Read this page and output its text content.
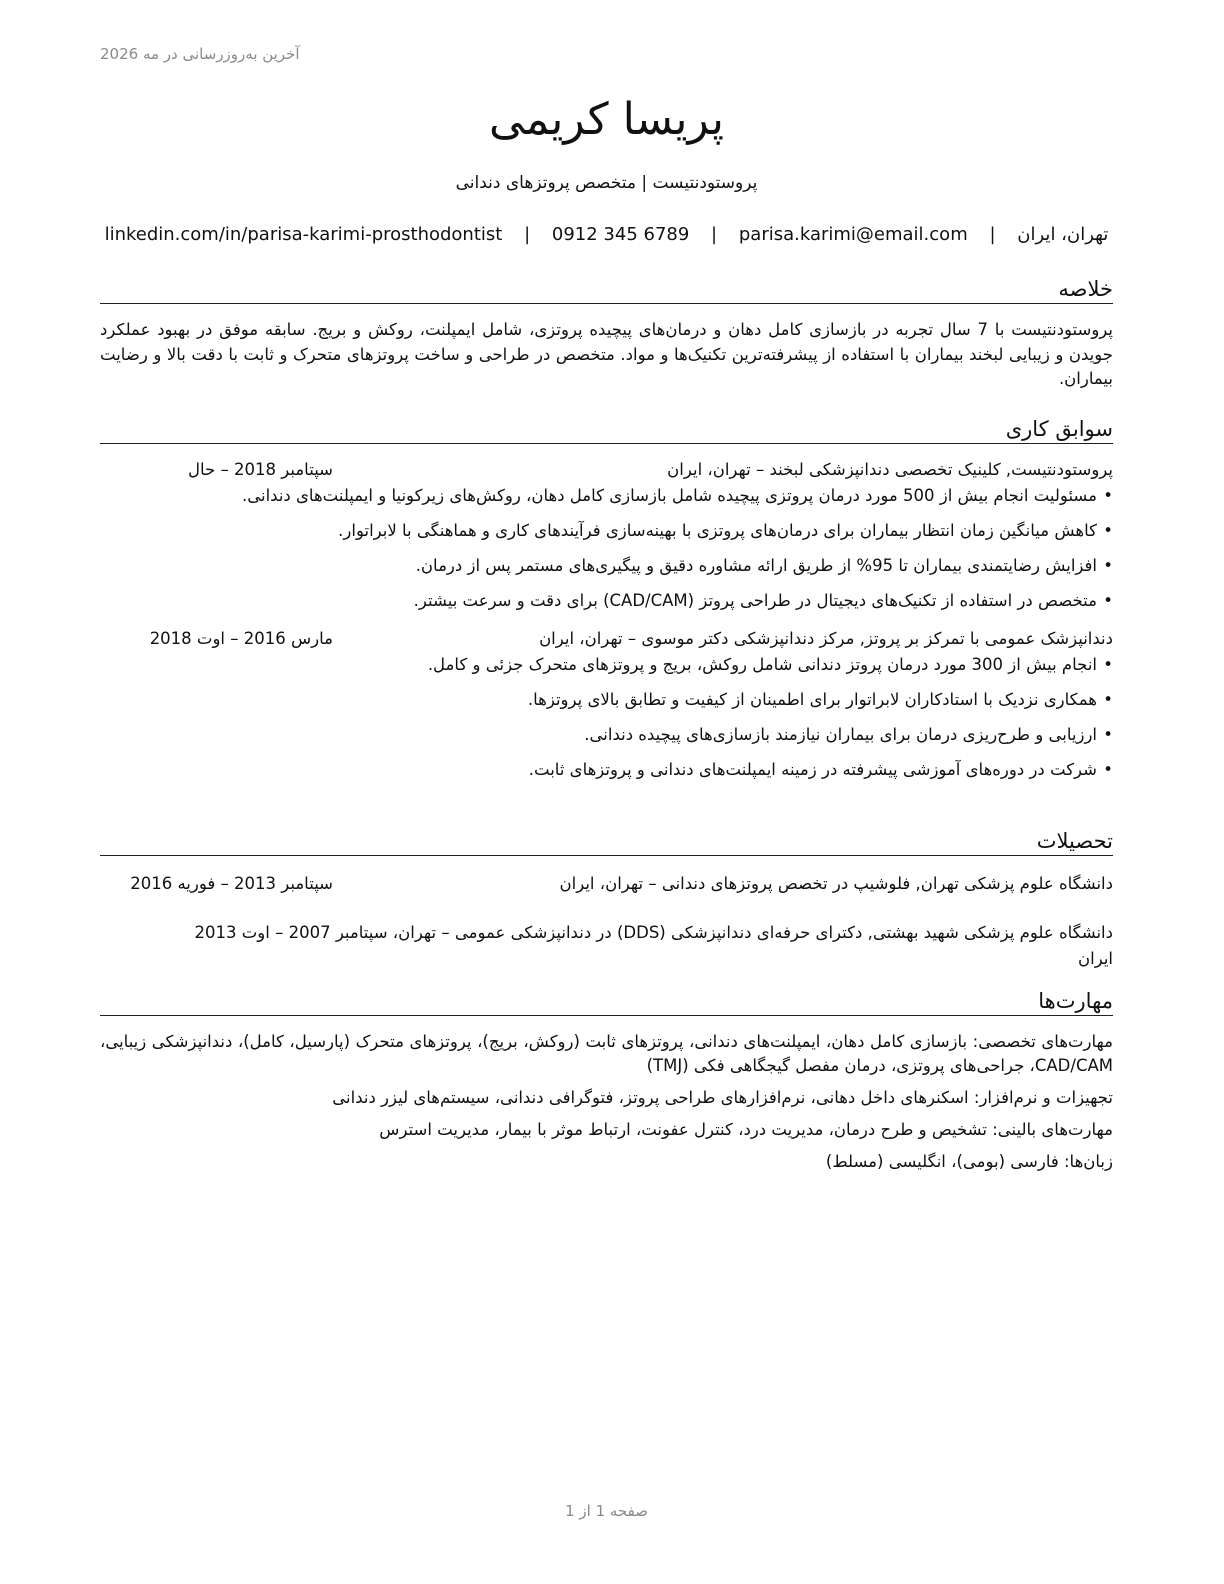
آخرین به‌روزرسانی در مه 2026
پریسا کریمی
پروستودنتیست | متخصص پروتزهای دندانی
تهران، ایران | parisa.karimi@email.com | 0912 345 6789 | linkedin.com/in/parisa-karimi-prosthodontist
خلاصه
پروستودنتیست با 7 سال تجربه در بازسازی کامل دهان و درمان‌های پیچیده پروتزی، شامل ایمپلنت، روکش و بریج. سابقه موفق در بهبود عملکرد جویدن و زیبایی لبخند بیماران با استفاده از پیشرفته‌ترین تکنیک‌ها و مواد. متخصص در طراحی و ساخت پروتزهای متحرک و ثابت با دقت بالا و رضایت بیماران.
سوابق کاری
پروستودنتیست, کلینیک تخصصی دندانپزشکی لبخند – تهران، ایران
سپتامبر 2018 – حال
•
مسئولیت انجام بیش از 500 مورد درمان پروتزی پیچیده شامل بازسازی کامل دهان، روکش‌های زیرکونیا و ایمپلنت‌های دندانی.
•
کاهش میانگین زمان انتظار بیماران برای درمان‌های پروتزی با بهینه‌سازی فرآیندهای کاری و هماهنگی با لابراتوار.
•
افزایش رضایتمندی بیماران تا 95% از طریق ارائه مشاوره دقیق و پیگیری‌های مستمر پس از درمان.
•
متخصص در استفاده از تکنیک‌های دیجیتال در طراحی پروتز (CAD/CAM) برای دقت و سرعت بیشتر.
دندانپزشک عمومی با تمرکز بر پروتز, مرکز دندانپزشکی دکتر موسوی – تهران، ایران
مارس 2016 – اوت 2018
•
انجام بیش از 300 مورد درمان پروتز دندانی شامل روکش، بریج و پروتزهای متحرک جزئی و کامل.
•
همکاری نزدیک با استادکاران لابراتوار برای اطمینان از کیفیت و تطابق بالای پروتزها.
•
ارزیابی و طرح‌ریزی درمان برای بیماران نیازمند بازسازی‌های پیچیده دندانی.
•
شرکت در دوره‌های آموزشی پیشرفته در زمینه ایمپلنت‌های دندانی و پروتزهای ثابت.
تحصیلات
دانشگاه علوم پزشکی تهران, فلوشیپ در تخصص پروتزهای دندانی – تهران، ایران
سپتامبر 2013 – فوریه 2016
دانشگاه علوم پزشکی شهید بهشتی, دکترای حرفه‌ای دندانپزشکی (DDS) در دندانپزشکی عمومی – تهران، سپتامبر 2007 – اوت 2013
ایران
مهارت‌ها
مهارت‌های تخصصی: بازسازی کامل دهان، ایمپلنت‌های دندانی، پروتزهای ثابت (روکش، بریج)، پروتزهای متحرک (پارسیل، کامل)، دندانپزشکی زیبایی، CAD/CAM، جراحی‌های پروتزی، درمان مفصل گیجگاهی فکی (TMJ)
تجهیزات و نرم‌افزار: اسکنرهای داخل دهانی، نرم‌افزارهای طراحی پروتز، فتوگرافی دندانی، سیستم‌های لیزر دندانی
مهارت‌های بالینی: تشخیص و طرح درمان، مدیریت درد، کنترل عفونت، ارتباط موثر با بیمار، مدیریت استرس
زبان‌ها: فارسی (بومی)، انگلیسی (مسلط)
صفحه 1 از 1
